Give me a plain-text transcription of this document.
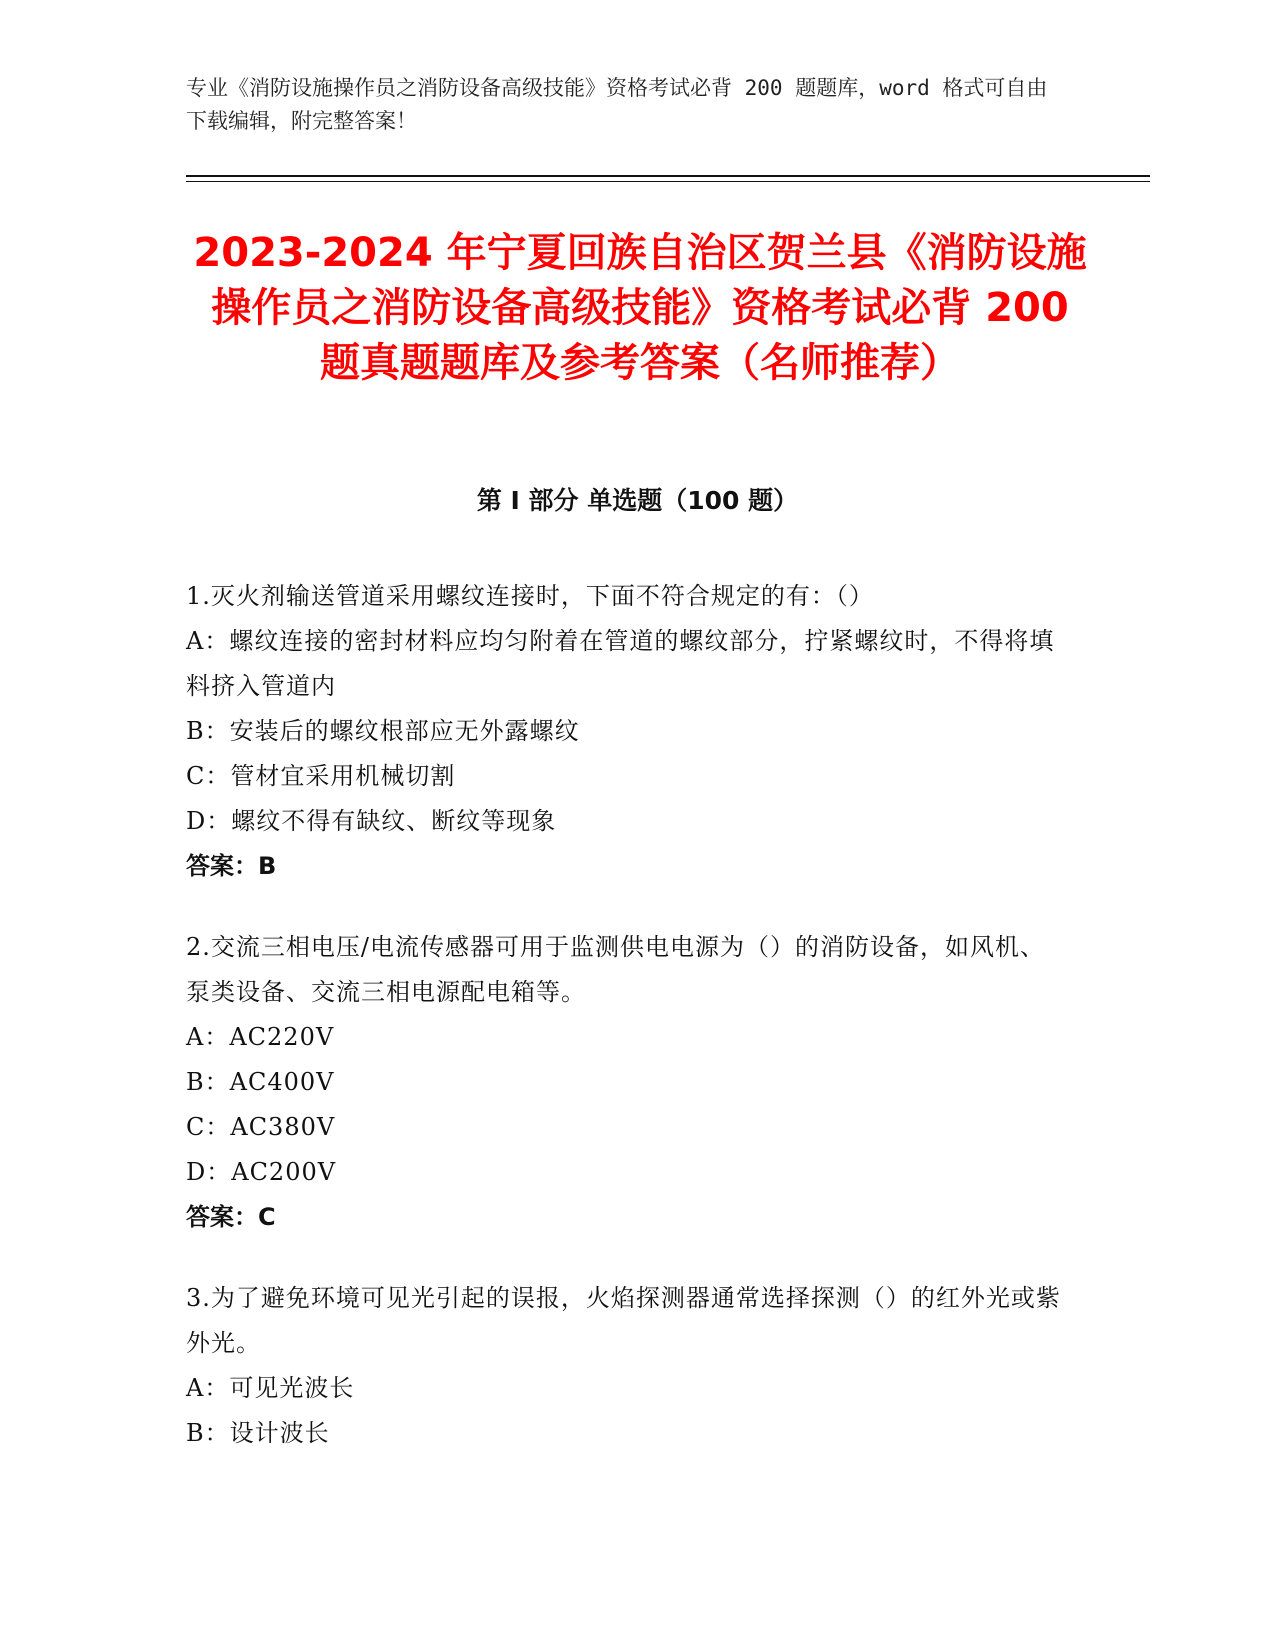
专业《消防设施操作员之消防设备高级技能》资格考试必背 200 题题库，word 格式可自由下载编辑，附完整答案！
2023-2024 年宁夏回族自治区贺兰县《消防设施操作员之消防设备高级技能》资格考试必背 200 题真题题库及参考答案（名师推荐）
第 I 部分 单选题（100 题）

1.灭火剂输送管道采用螺纹连接时，下面不符合规定的有：（）

A：螺纹连接的密封材料应均匀附着在管道的螺纹部分，拧紧螺纹时，不得将填料挤入管道内

B：安装后的螺纹根部应无外露螺纹

C：管材宜采用机械切割

D：螺纹不得有缺纹、断纹等现象

答案：B

2.交流三相电压/电流传感器可用于监测供电电源为（）的消防设备，如风机、泵类设备、交流三相电源配电箱等。

A：AC220V

B：AC400V

C：AC380V

D：AC200V

答案：C

3.为了避免环境可见光引起的误报，火焰探测器通常选择探测（）的红外光或紫外光。

A：可见光波长

B：设计波长
